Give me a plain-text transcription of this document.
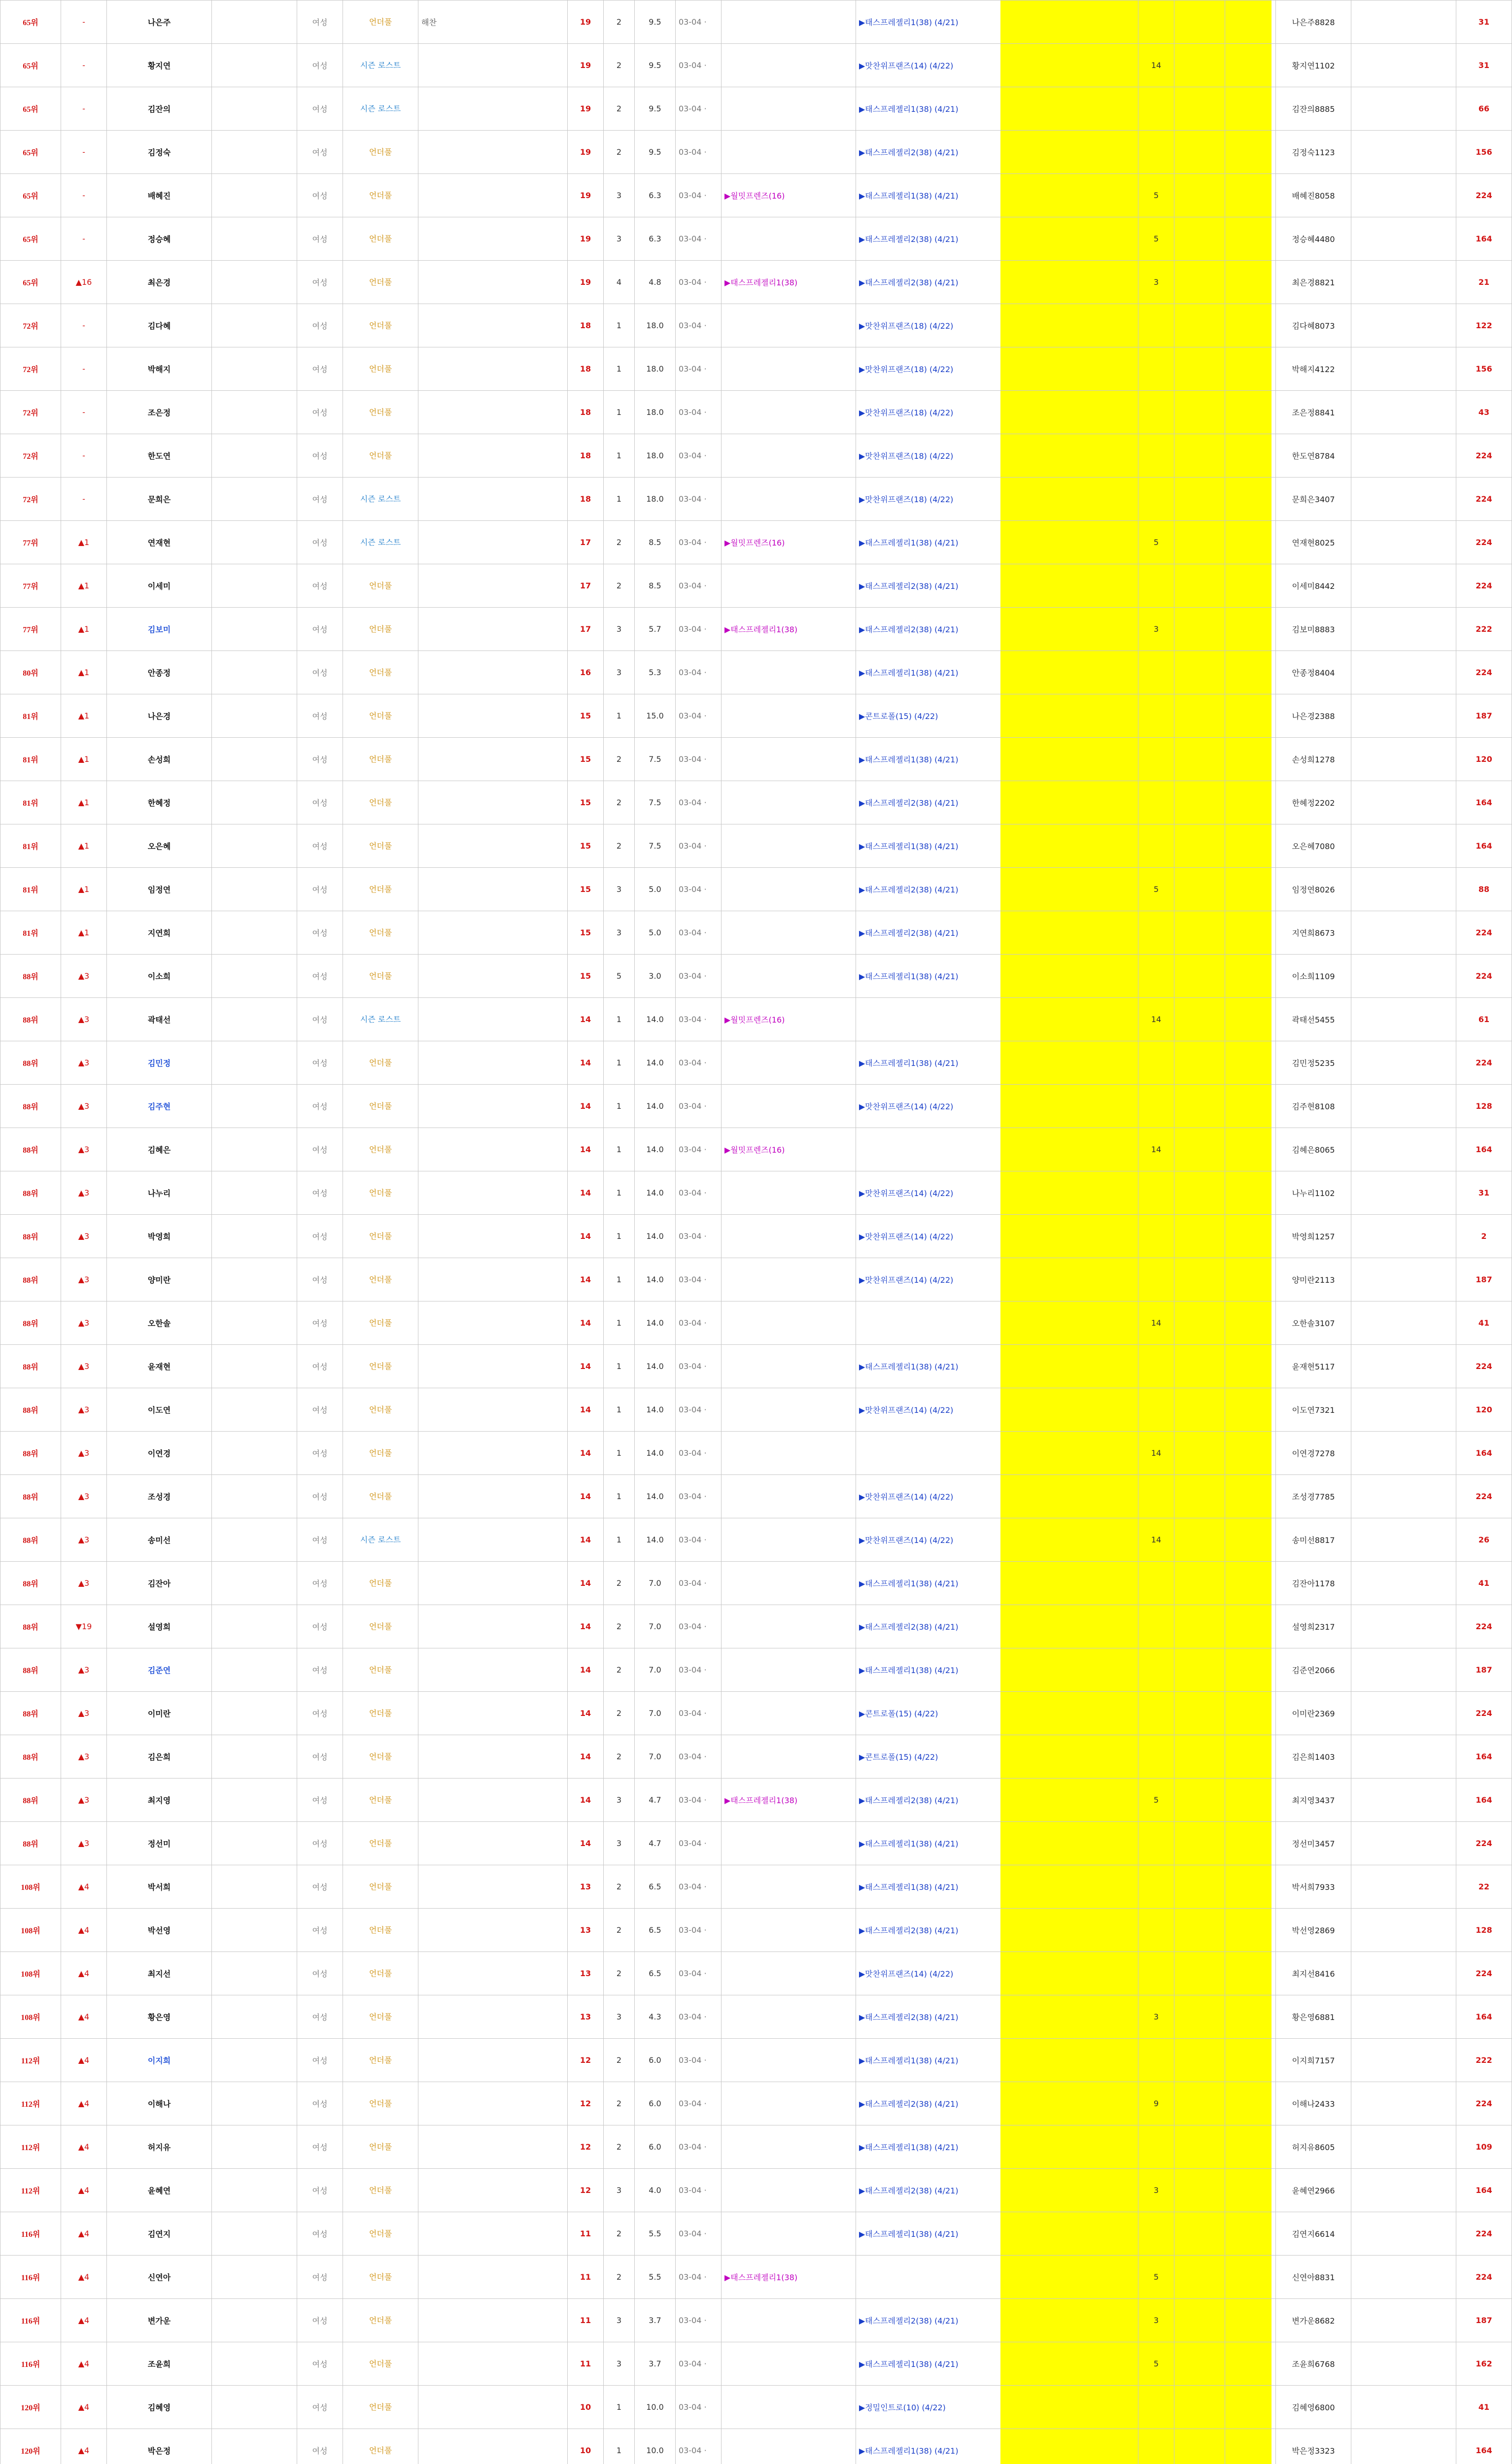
65위	-	나은주		여성	언더풀	해찬	19	2	9.5	03-04 ·		▶태스프레젤리1(38) (4/21)				나은주8828		31
65위	-	황지연		여성	시즌 로스트		19	2	9.5	03-04 ·		▶맛찬위프랜즈(14) (4/22)	14			황지연1102		31
65위	-	김잔의		여성	시즌 로스트		19	2	9.5	03-04 ·		▶태스프레젤리1(38) (4/21)				김잔의8885		66
65위	-	김정숙		여성	언더풀		19	2	9.5	03-04 ·		▶태스프레젤리2(38) (4/21)				김정숙1123		156
65위	-	배혜진		여성	언더풀		19	3	6.3	03-04 ·	▶월밋프렌즈(16)	▶태스프레젤리1(38) (4/21)	5			배혜진8058		224
65위	-	정승혜		여성	언더풀		19	3	6.3	03-04 ·		▶태스프레젤리2(38) (4/21)	5			정승혜4480		164
65위	▲16	최은경		여성	언더풀		19	4	4.8	03-04 ·	▶태스프레젤리1(38)	▶태스프레젤리2(38) (4/21)	3			최은경8821		21
72위	-	김다혜		여성	언더풀		18	1	18.0	03-04 ·		▶맛찬위프랜즈(18) (4/22)				김다혜8073		122
72위	-	박해지		여성	언더풀		18	1	18.0	03-04 ·		▶맛찬위프랜즈(18) (4/22)				박해지4122		156
72위	-	조은정		여성	언더풀		18	1	18.0	03-04 ·		▶맛찬위프랜즈(18) (4/22)				조은정8841		43
72위	-	한도연		여성	언더풀		18	1	18.0	03-04 ·		▶맛찬위프랜즈(18) (4/22)				한도연8784		224
72위	-	문희은		여성	시즌 로스트		18	1	18.0	03-04 ·		▶맛찬위프랜즈(18) (4/22)				문희은3407		224
77위	▲1	연재현		여성	시즌 로스트		17	2	8.5	03-04 ·	▶월밋프렌즈(16)	▶태스프레젤리1(38) (4/21)	5			연재현8025		224
77위	▲1	이세미		여성	언더풀		17	2	8.5	03-04 ·		▶태스프레젤리2(38) (4/21)				이세미8442		224
77위	▲1	김보미		여성	언더풀		17	3	5.7	03-04 ·	▶태스프레젤리1(38)	▶태스프레젤리2(38) (4/21)	3			김보미8883		222
80위	▲1	안종정		여성	언더풀		16	3	5.3	03-04 ·		▶태스프레젤리1(38) (4/21)				안종정8404		224
81위	▲1	나은경		여성	언더풀		15	1	15.0	03-04 ·		▶콘트로폴(15) (4/22)				나은경2388		187
81위	▲1	손성희		여성	언더풀		15	2	7.5	03-04 ·		▶태스프레젤리1(38) (4/21)				손성희1278		120
81위	▲1	한혜정		여성	언더풀		15	2	7.5	03-04 ·		▶태스프레젤리2(38) (4/21)				한혜정2202		164
81위	▲1	오은혜		여성	언더풀		15	2	7.5	03-04 ·		▶태스프레젤리1(38) (4/21)				오은혜7080		164
81위	▲1	임정연		여성	언더풀		15	3	5.0	03-04 ·		▶태스프레젤리2(38) (4/21)	5			임정연8026		88
81위	▲1	지연희		여성	언더풀		15	3	5.0	03-04 ·		▶태스프레젤리2(38) (4/21)				지연희8673		224
88위	▲3	이소희		여성	언더풀		15	5	3.0	03-04 ·		▶태스프레젤리1(38) (4/21)				이소희1109		224
88위	▲3	곽태선		여성	시즌 로스트		14	1	14.0	03-04 ·	▶월밋프렌즈(16)		14			곽태선5455		61
88위	▲3	김민정		여성	언더풀		14	1	14.0	03-04 ·		▶태스프레젤리1(38) (4/21)				김민정5235		224
88위	▲3	김주현		여성	언더풀		14	1	14.0	03-04 ·		▶맛찬위프랜즈(14) (4/22)				김주현8108		128
88위	▲3	김혜은		여성	언더풀		14	1	14.0	03-04 ·	▶월밋프렌즈(16)		14			김혜은8065		164
88위	▲3	나누리		여성	언더풀		14	1	14.0	03-04 ·		▶맛찬위프랜즈(14) (4/22)				나누리1102		31
88위	▲3	박영희		여성	언더풀		14	1	14.0	03-04 ·		▶맛찬위프랜즈(14) (4/22)				박영희1257		2
88위	▲3	양미란		여성	언더풀		14	1	14.0	03-04 ·		▶맛찬위프랜즈(14) (4/22)				양미란2113		187
88위	▲3	오한솔		여성	언더풀		14	1	14.0	03-04 ·			14			오한솔3107		41
88위	▲3	윤재현		여성	언더풀		14	1	14.0	03-04 ·		▶태스프레젤리1(38) (4/21)				윤재현5117		224
88위	▲3	이도연		여성	언더풀		14	1	14.0	03-04 ·		▶맛찬위프랜즈(14) (4/22)				이도연7321		120
88위	▲3	이연경		여성	언더풀		14	1	14.0	03-04 ·			14			이연경7278		164
88위	▲3	조성경		여성	언더풀		14	1	14.0	03-04 ·		▶맛찬위프랜즈(14) (4/22)				조성경7785		224
88위	▲3	송미선		여성	시즌 로스트		14	1	14.0	03-04 ·		▶맛찬위프랜즈(14) (4/22)	14			송미선8817		26
88위	▲3	김잔아		여성	언더풀		14	2	7.0	03-04 ·		▶태스프레젤리1(38) (4/21)				김잔아1178		41
88위	▼19	설영희		여성	언더풀		14	2	7.0	03-04 ·		▶태스프레젤리2(38) (4/21)				설영희2317		224
88위	▲3	김준연		여성	언더풀		14	2	7.0	03-04 ·		▶태스프레젤리1(38) (4/21)				김준연2066		187
88위	▲3	이미란		여성	언더풀		14	2	7.0	03-04 ·		▶콘트로폴(15) (4/22)				이미란2369		224
88위	▲3	김은희		여성	언더풀		14	2	7.0	03-04 ·		▶콘트로폴(15) (4/22)				김은희1403		164
88위	▲3	최지영		여성	언더풀		14	3	4.7	03-04 ·	▶태스프레젤리1(38)	▶태스프레젤리2(38) (4/21)	5			최지영3437		164
88위	▲3	정선미		여성	언더풀		14	3	4.7	03-04 ·		▶태스프레젤리1(38) (4/21)				정선미3457		224
108위	▲4	박서희		여성	언더풀		13	2	6.5	03-04 ·		▶태스프레젤리1(38) (4/21)				박서희7933		22
108위	▲4	박선영		여성	언더풀		13	2	6.5	03-04 ·		▶태스프레젤리2(38) (4/21)				박선영2869		128
108위	▲4	최지선		여성	언더풀		13	2	6.5	03-04 ·		▶맛찬위프랜즈(14) (4/22)				최지선8416		224
108위	▲4	황은영		여성	언더풀		13	3	4.3	03-04 ·		▶태스프레젤리2(38) (4/21)	3			황은영6881		164
112위	▲4	이지희		여성	언더풀		12	2	6.0	03-04 ·		▶태스프레젤리1(38) (4/21)				이지희7157		222
112위	▲4	이해나		여성	언더풀		12	2	6.0	03-04 ·		▶태스프레젤리2(38) (4/21)	9			이해나2433		224
112위	▲4	허지유		여성	언더풀		12	2	6.0	03-04 ·		▶태스프레젤리1(38) (4/21)				허지유8605		109
112위	▲4	윤혜연		여성	언더풀		12	3	4.0	03-04 ·		▶태스프레젤리2(38) (4/21)	3			윤혜연2966		164
116위	▲4	김연지		여성	언더풀		11	2	5.5	03-04 ·		▶태스프레젤리1(38) (4/21)				김연지6614		224
116위	▲4	신연아		여성	언더풀		11	2	5.5	03-04 ·	▶태스프레젤리1(38)		5			신연아8831		224
116위	▲4	변가운		여성	언더풀		11	3	3.7	03-04 ·		▶태스프레젤리2(38) (4/21)	3			변가운8682		187
116위	▲4	조윤희		여성	언더풀		11	3	3.7	03-04 ·		▶태스프레젤리1(38) (4/21)	5			조윤희6768		162
120위	▲4	김혜영		여성	언더풀		10	1	10.0	03-04 ·		▶정밀인트로(10) (4/22)				김혜영6800		41
120위	▲4	박은정		여성	언더풀		10	1	10.0	03-04 ·		▶태스프레젤리1(38) (4/21)				박은정3323		164
